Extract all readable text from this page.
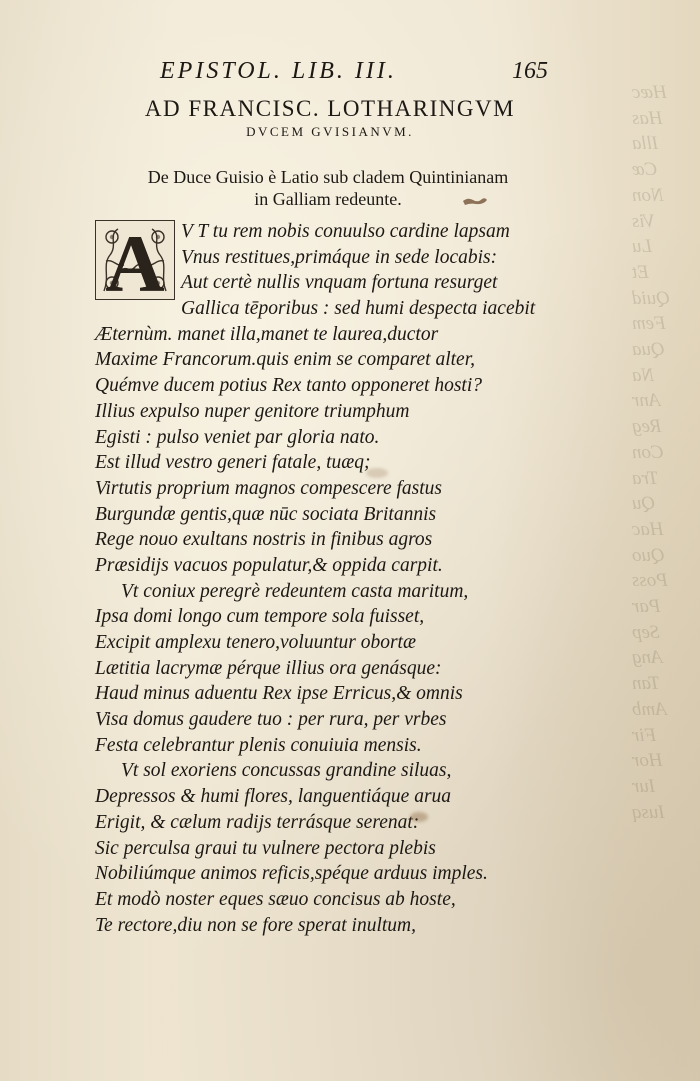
Hæc
Has
Illa
Cœ
Non
Vis
Lu
Et
Quid
Fem
Qua
Na
Anr
Reg
Con
Tra
Qu
Hac
Quo
Poss
Par
Sep
Ang
Tan
Amb
Fir
Hor
Iur
Iusq
EPISTOL. LIB. III.	165
AD FRANCISC. LOTHARINGVM
DVCEM GVISIANVM.
De Duce Guisio è Latio sub cladem Quintinianam
in Galliam redeunte.
A V T tu rem nobis conuulso cardine lapsam
Vnus restitues,primáque in sede locabis:
Aut certè nullis vnquam fortuna resurget
Gallica tēporibus : sed humi despecta iacebit
Æternùm. manet illa,manet te laurea,ductor
Maxime Francorum.quis enim se comparet alter,
Quémve ducem potius Rex tanto opponeret hosti?
Illius expulso nuper genitore triumphum
Egisti : pulso veniet par gloria nato.
Est illud vestro generi fatale, tuæq;
Virtutis proprium magnos compescere fastus
Burgundæ gentis,quæ nūc sociata Britannis
Rege nouo exultans nostris in finibus agros
Præsidijs vacuos populatur,& oppida carpit.
Vt coniux peregrè redeuntem casta maritum,
Ipsa domi longo cum tempore sola fuisset,
Excipit amplexu tenero,voluuntur obortæ
Lætitia lacrymæ pérque illius ora genásque:
Haud minus aduentu Rex ipse Erricus,& omnis
Visa domus gaudere tuo : per rura, per vrbes
Festa celebrantur plenis conuiuia mensis.
Vt sol exoriens concussas grandine siluas,
Depressos & humi flores, languentiáque arua
Erigit, & cælum radijs terrásque serenat:
Sic perculsa graui tu vulnere pectora plebis
Nobiliúmque animos reficis,spéque arduus imples.
Et modò noster eques sæuo concisus ab hoste,
Te rectore,diu non se fore sperat inultum,
